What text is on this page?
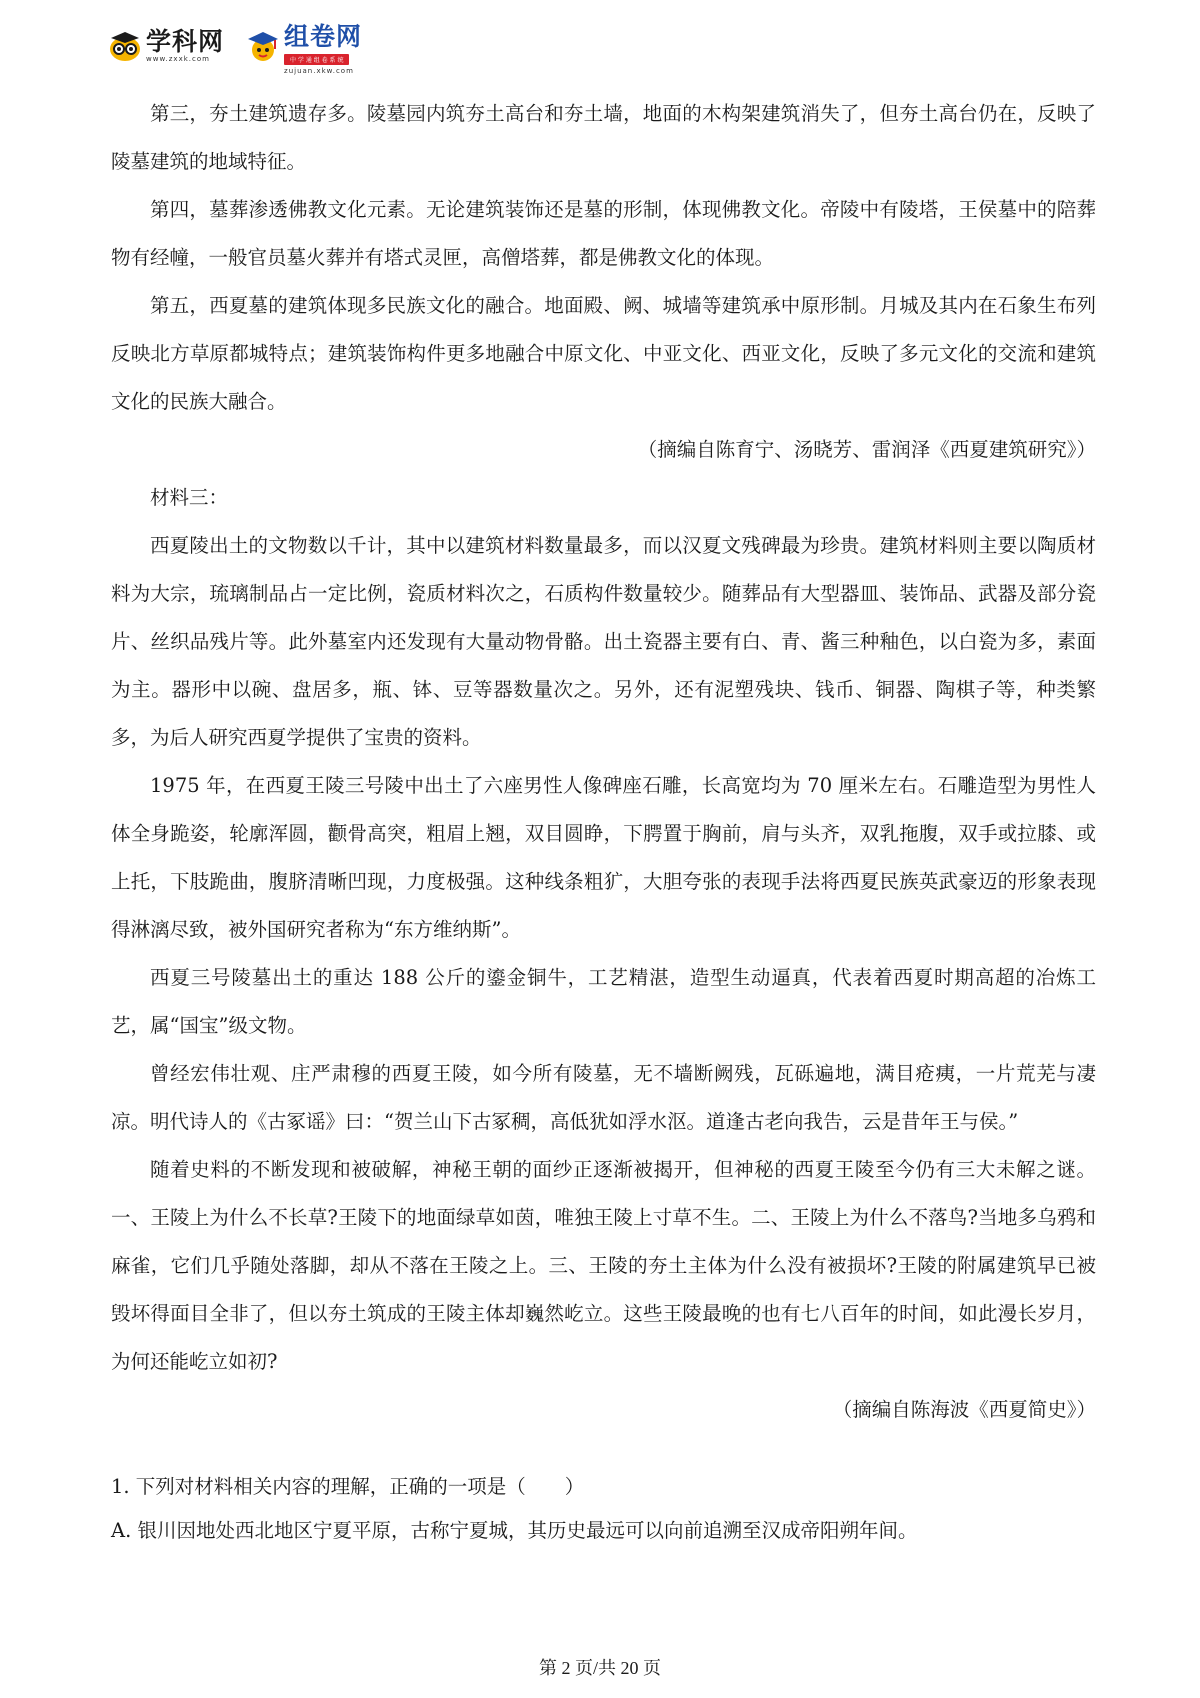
学科网
www.zxxk.com
组卷网
中 学 通 组 卷 系 统
zujuan.xkw.com

第三，夯土建筑遗存多。陵墓园内筑夯土高台和夯土墙，地面的木构架建筑消失了，但夯土高台仍在，反映了陵墓建筑的地域特征。

第四，墓葬渗透佛教文化元素。无论建筑装饰还是墓的形制，体现佛教文化。帝陵中有陵塔，王侯墓中的陪葬物有经幢，一般官员墓火葬并有塔式灵匣，高僧塔葬，都是佛教文化的体现。

第五，西夏墓的建筑体现多民族文化的融合。地面殿、阙、城墙等建筑承中原形制。月城及其内在石象生布列反映北方草原都城特点；建筑装饰构件更多地融合中原文化、中亚文化、西亚文化，反映了多元文化的交流和建筑文化的民族大融合。

（摘编自陈育宁、汤晓芳、雷润泽《西夏建筑研究》）

材料三：

西夏陵出土的文物数以千计，其中以建筑材料数量最多，而以汉夏文残碑最为珍贵。建筑材料则主要以陶质材料为大宗，琉璃制品占一定比例，瓷质材料次之，石质构件数量较少。随葬品有大型器皿、装饰品、武器及部分瓷片、丝织品残片等。此外墓室内还发现有大量动物骨骼。出土瓷器主要有白、青、酱三种釉色，以白瓷为多，素面为主。器形中以碗、盘居多，瓶、钵、豆等器数量次之。另外，还有泥塑残块、钱币、铜器、陶棋子等，种类繁多，为后人研究西夏学提供了宝贵的资料。

1975 年，在西夏王陵三号陵中出土了六座男性人像碑座石雕，长高宽均为 70 厘米左右。石雕造型为男性人体全身跪姿，轮廓浑圆，颧骨高突，粗眉上翘，双目圆睁，下腭置于胸前，肩与头齐，双乳拖腹，双手或拉膝、或上托，下肢跪曲，腹脐清晰凹现，力度极强。这种线条粗犷，大胆夸张的表现手法将西夏民族英武豪迈的形象表现得淋漓尽致，被外国研究者称为“东方维纳斯”。

西夏三号陵墓出土的重达 188 公斤的鎏金铜牛，工艺精湛，造型生动逼真，代表着西夏时期高超的冶炼工艺，属“国宝”级文物。

曾经宏伟壮观、庄严肃穆的西夏王陵，如今所有陵墓，无不墙断阙残，瓦砾遍地，满目疮痍，一片荒芜与凄凉。明代诗人的《古冢谣》曰：“贺兰山下古冢稠，高低犹如浮水沤。道逢古老向我告，云是昔年王与侯。”

随着史料的不断发现和被破解，神秘王朝的面纱正逐渐被揭开，但神秘的西夏王陵至今仍有三大未解之谜。一、王陵上为什么不长草?王陵下的地面绿草如茵，唯独王陵上寸草不生。二、王陵上为什么不落鸟?当地多乌鸦和麻雀，它们几乎随处落脚，却从不落在王陵之上。三、王陵的夯土主体为什么没有被损坏?王陵的附属建筑早已被毁坏得面目全非了，但以夯土筑成的王陵主体却巍然屹立。这些王陵最晚的也有七八百年的时间，如此漫长岁月，为何还能屹立如初?

（摘编自陈海波《西夏简史》）

1. 下列对材料相关内容的理解，正确的一项是（　　）
A. 银川因地处西北地区宁夏平原，古称宁夏城，其历史最远可以向前追溯至汉成帝阳朔年间。
第 2 页/共 20 页
